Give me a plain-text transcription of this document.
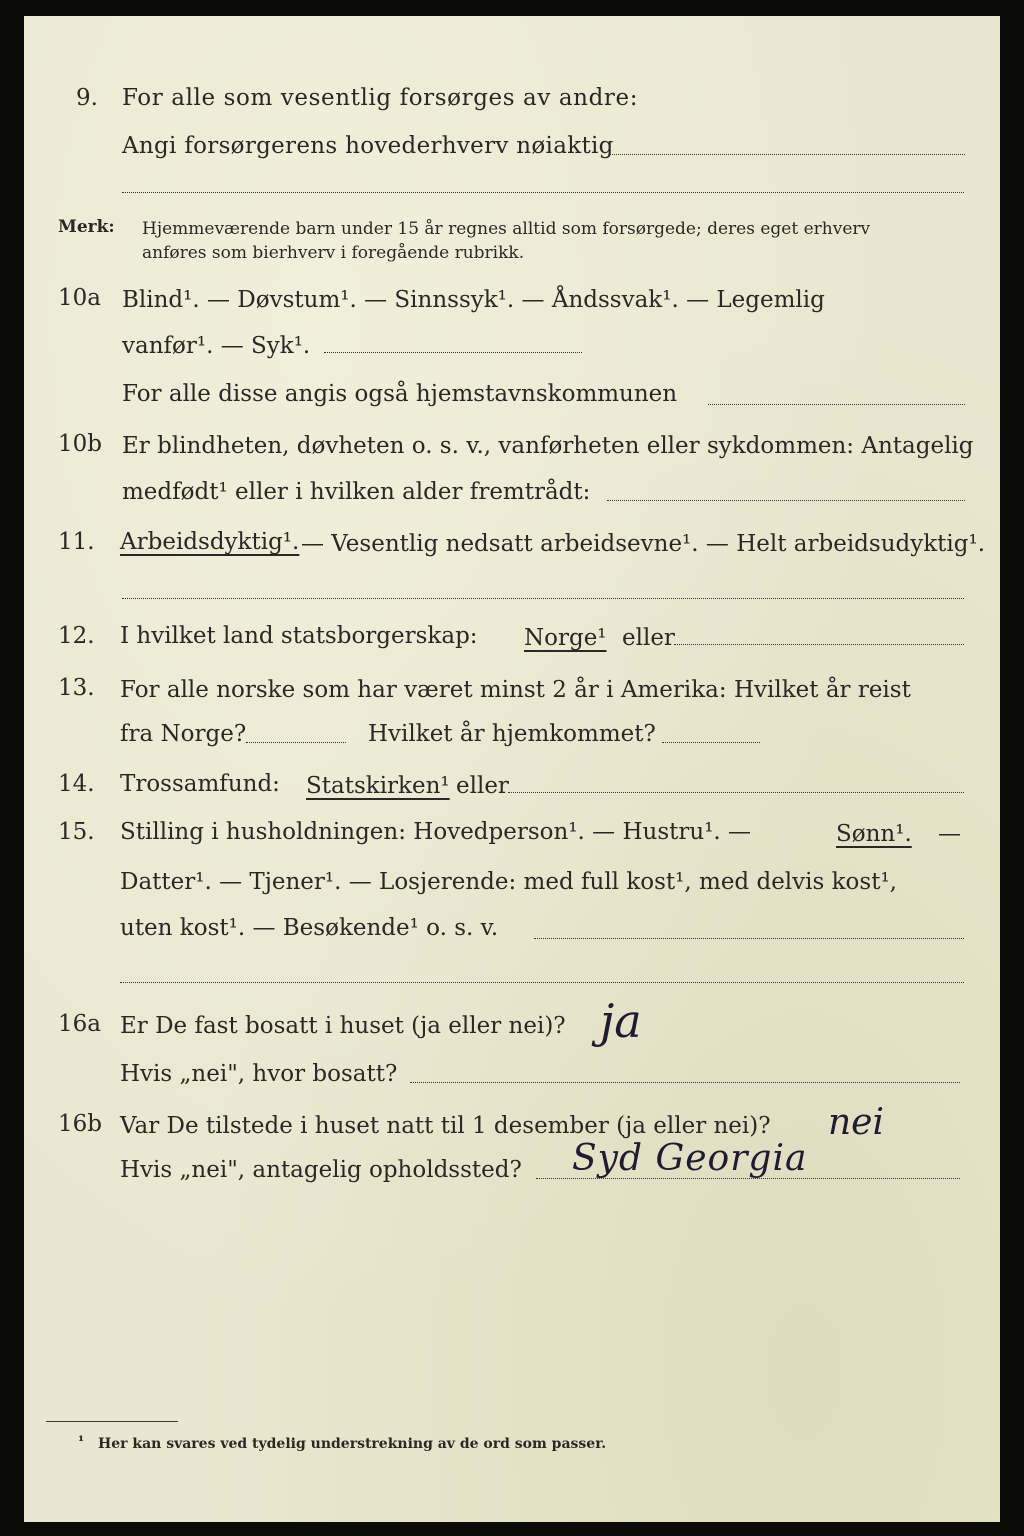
9. For alle som vesentlig forsørges av andre:
Angi forsørgerens hovederhverv nøiaktig
Merk: Hjemmeværende barn under 15 år regnes alltid som forsørgede; deres eget erhverv
anføres som bierhverv i foregående rubrikk.
10a Blind¹. — Døvstum¹. — Sinnssyk¹. — Åndssvak¹. — Legemlig
vanfør¹. — Syk¹.
For alle disse angis også hjemstavnskommunen
10b Er blindheten, døvheten o. s. v., vanførheten eller sykdommen: Antagelig
medfødt¹ eller i hvilken alder fremtrådt:
11. Arbeidsdyktig¹. — Vesentlig nedsatt arbeidsevne¹. — Helt arbeidsudyktig¹.
12. I hvilket land statsborgerskap: Norge¹ eller
13. For alle norske som har været minst 2 år i Amerika: Hvilket år reist
fra Norge?	Hvilket år hjemkommet?
14. Trossamfund: Statskirken¹ eller
15. Stilling i husholdningen: Hovedperson¹. — Hustru¹. —	Sønn¹. —
Datter¹. — Tjener¹. — Losjerende: med full kost¹, med delvis kost¹,
uten kost¹. — Besøkende¹ o. s. v.
16a Er De fast bosatt i huset (ja eller nei)? ja
Hvis „nei", hvor bosatt?
16b Var De tilstede i huset natt til 1 desember (ja eller nei)? nei
Hvis „nei", antagelig opholdssted? Syd Georgia
¹ Her kan svares ved tydelig understrekning av de ord som passer.
